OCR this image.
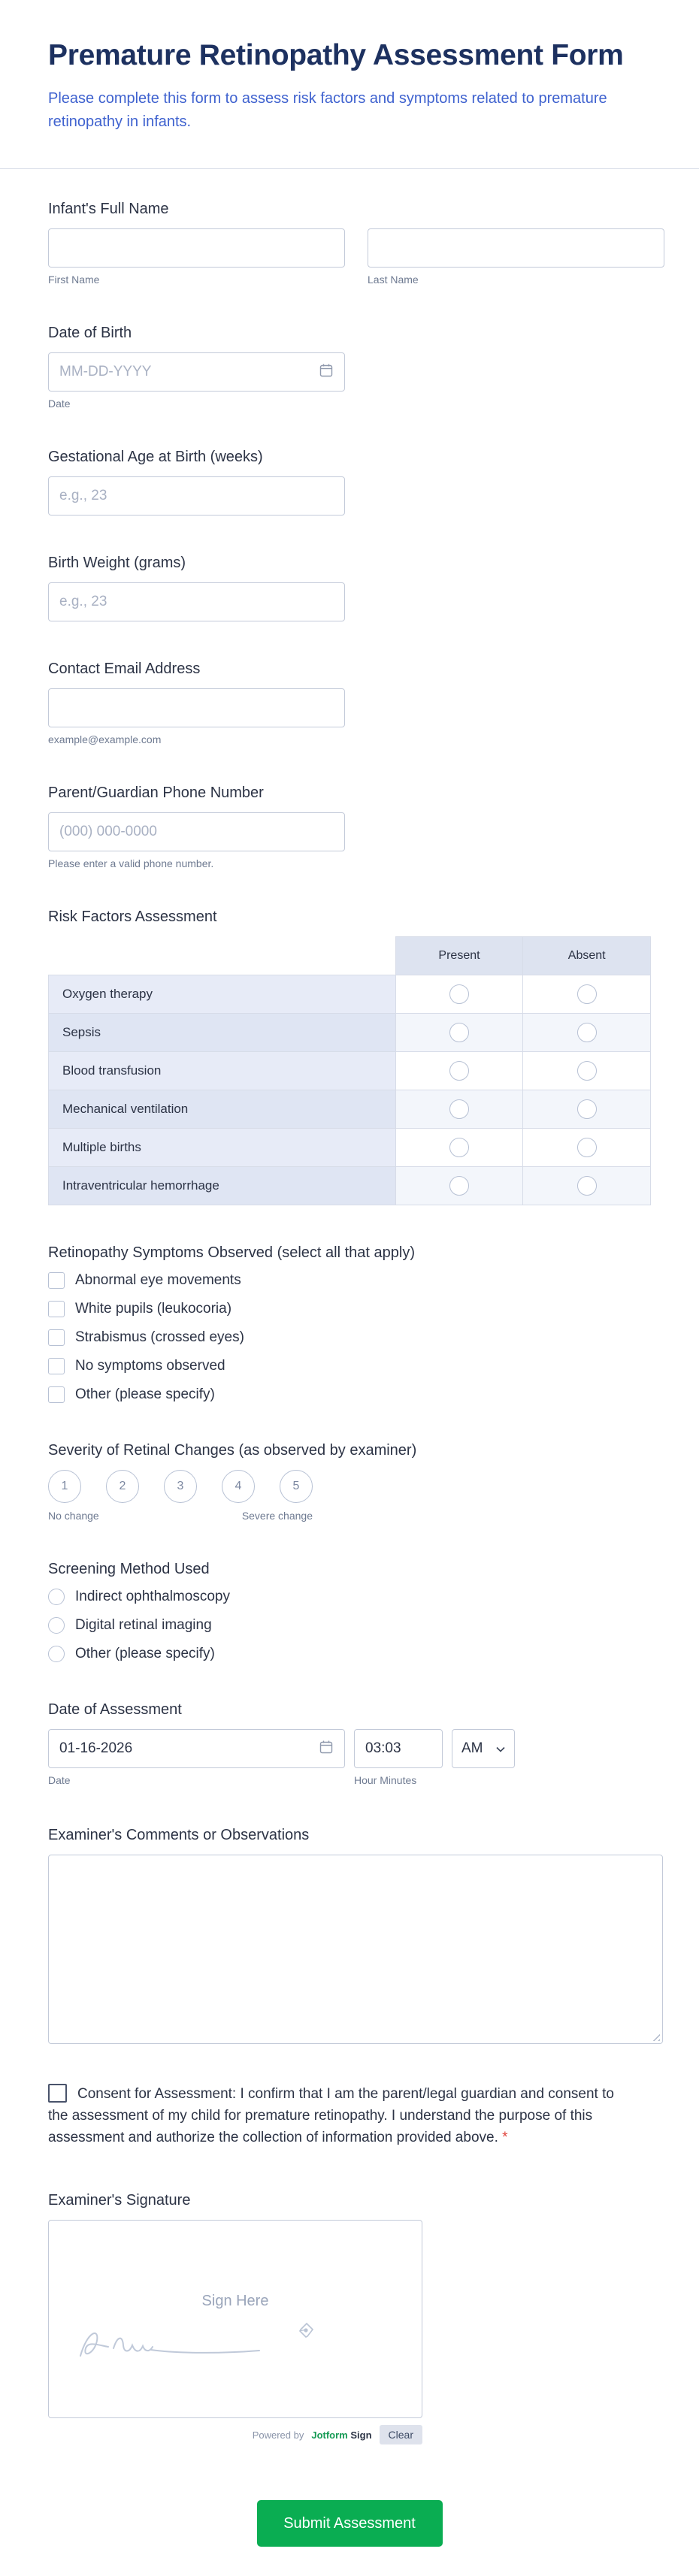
Premature Retinopathy Assessment Form

Please complete this form to assess risk factors and symptoms related to premature retinopathy in infants.

Infant's Full Name
First Name	Last Name
Date of Birth
MM-DD-YYYY
Date
Gestational Age at Birth (weeks)
e.g., 23
Birth Weight (grams)
e.g., 23
Contact Email Address
example@example.com
Parent/Guardian Phone Number
(000) 000-0000
Please enter a valid phone number.
Risk Factors Assessment
	Present	Absent
Oxygen therapy		
Sepsis		
Blood transfusion		
Mechanical ventilation		
Multiple births		
Intraventricular hemorrhage		
Retinopathy Symptoms Observed (select all that apply)
Abnormal eye movements
White pupils (leukocoria)
Strabismus (crossed eyes)
No symptoms observed
Other (please specify)
Severity of Retinal Changes (as observed by examiner)
1	2	3	4	5
No change	Severe change
Screening Method Used
Indirect ophthalmoscopy
Digital retinal imaging
Other (please specify)
Date of Assessment
01-16-2026
03:03
AM
Date	Hour Minutes
Examiner's Comments or Observations
Consent for Assessment: I confirm that I am the parent/legal guardian and consent to the assessment of my child for premature retinopathy. I understand the purpose of this assessment and authorize the collection of information provided above. *
Examiner's Signature
Sign Here
Powered by Jotform Sign	Clear
Submit Assessment
